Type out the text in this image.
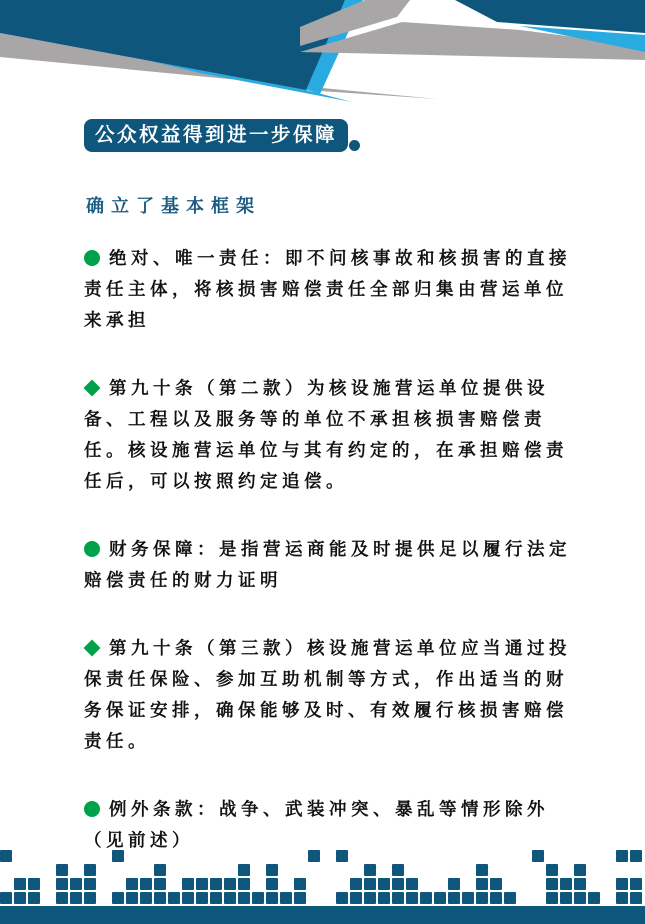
公众权益得到进一步保障
确立了基本框架
绝对、唯一责任：即不问核事故和核损害的直接
责任主体，将核损害赔偿责任全部归集由营运单位
来承担
第九十条（第二款）为核设施营运单位提供设
备、工程以及服务等的单位不承担核损害赔偿责
任。核设施营运单位与其有约定的，在承担赔偿责
任后，可以按照约定追偿。
财务保障：是指营运商能及时提供足以履行法定
赔偿责任的财力证明
第九十条（第三款）核设施营运单位应当通过投
保责任保险、参加互助机制等方式，作出适当的财
务保证安排，确保能够及时、有效履行核损害赔偿
责任。
例外条款：战争、武装冲突、暴乱等情形除外
（见前述）
